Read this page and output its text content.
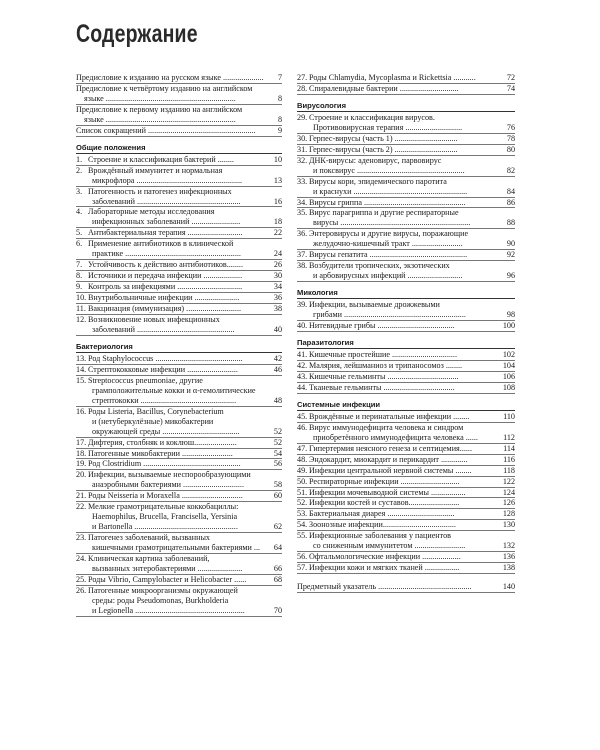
Содержание
Предисловие к изданию на русском языке ....................	7
Предисловие к четвёртому изданию на английском
языке ................................................................	8
Предисловие к первому изданию на английском
языке ................................................................	8
Список сокращений .....................................................	9
Общие положения
1. Строение и классификация бактерий ........	10
2. Врождённый иммунитет и нормальная
микрофлора ....................................................	13
3. Патогенность и патогенез инфекционных
заболеваний ...................................................	16
4. Лабораторные методы исследования
инфекционных заболеваний ........................	18
5. Антибактериальная терапия ...........................	22
6. Применение антибиотиков в клинической
практике .........................................................	24
7. Устойчивость к действию антибиотиков........	26
8. Источники и передача инфекции ...................	30
9. Контроль за инфекциями ................................	34
10. Внутрибольничные инфекции ......................	36
11. Вакцинация (иммунизация) ...........................	38
12. Возникновение новых инфекционных
заболеваний ................................................	40
Бактериология
13. Род Staphylococcus ...........................................	42
14. Стрептококковые инфекции .........................	46
15. Streptococcus pneumoniae, другие
грамположительные кокки и α-гемолитические
стрептококки ...............................................	48
16. Роды Listeria, Bacillus, Corynebacterium
и (нетуберкулёзные) микобактерии
окружающей среды ......................................	52
17. Дифтерия, столбняк и коклюш.....................	52
18. Патогенные микобактерии .........................	54
19. Род Clostridium ................................................	56
20. Инфекции, вызываемые неспорообразующими
анаэробными бактериями ..............................	58
21. Роды Neisseria и Moraxella ..............................	60
22. Мелкие грамотрицательные коккобациллы:
Haemophilus, Brucella, Francisella, Yersinia
и Bartonella ...................................................	62
23. Патогенез заболеваний, вызванных
кишечными грамотрицательными бактериями ...	64
24. Клиническая картина заболеваний,
вызванных энтеробактериями ......................	66
25. Роды Vibrio, Campylobacter и Helicobacter ......	68
26. Патогенные микроорганизмы окружающей
среды: роды Pseudomonas, Burkholderia
и Legionella ......................................................	70
27. Роды Chlamydia, Mycoplasma и Rickettsia ...........	72
28. Спиралевидные бактерии .............................	74
Вирусология
29. Строение и классификация вирусов.
Противовирусная терапия ............................	76
30. Герпес-вирусы (часть 1) ...............................	78
31. Герпес-вирусы (часть 2) ...............................	80
32. ДНК-вирусы: аденовирус, парвовирус
и поксвирус .....................................................	82
33. Вирусы кори, эпидемического паротита
и краснухи ........................................................	84
34. Вирусы гриппа ..................................................	86
35. Вирус парагриппа и другие респираторные
вирусы ................................................................	88
36. Энтеровирусы и другие вирусы, поражающие
желудочно-кишечный тракт .........................	90
37. Вирусы гепатита ................................................	92
38. Возбудители тропических, экзотических
и арбовирусных инфекций ...........................	96
Микология
39. Инфекции, вызываемые дрожжевыми
грибами ............................................................	98
40. Нитевидные грибы ......................................	100
Паразитология
41. Кишечные простейшие ................................	102
42. Малярия, лейшманиоз и трипаносомоз ........	104
43. Кишечные гельминты ...................................	106
44. Тканевые гельминты ...................................	108
Системные инфекции
45. Врождённые и перинатальные инфекции ........	110
46. Вирус иммунодефицита человека и синдром
приобретённого иммунодефицита человека ......	112
47. Гипертермия неясного генеза и септицемия......	114
48. Эндокардит, миокардит и перикардит .............	116
49. Инфекции центральной нервной системы ........	118
50. Респираторные инфекции .............................	122
51. Инфекции мочевыводной системы .................	124
52. Инфекции костей и суставов.........................	126
53. Бактериальная диарея .................................	128
54. Зоонозные инфекции....................................	130
55. Инфекционные заболевания у пациентов
со сниженным иммунитетом .........................	132
56. Офтальмологические инфекции ...................	136
57. Инфекции кожи и мягких тканей .................	138
Предметный указатель ..............................................	140
